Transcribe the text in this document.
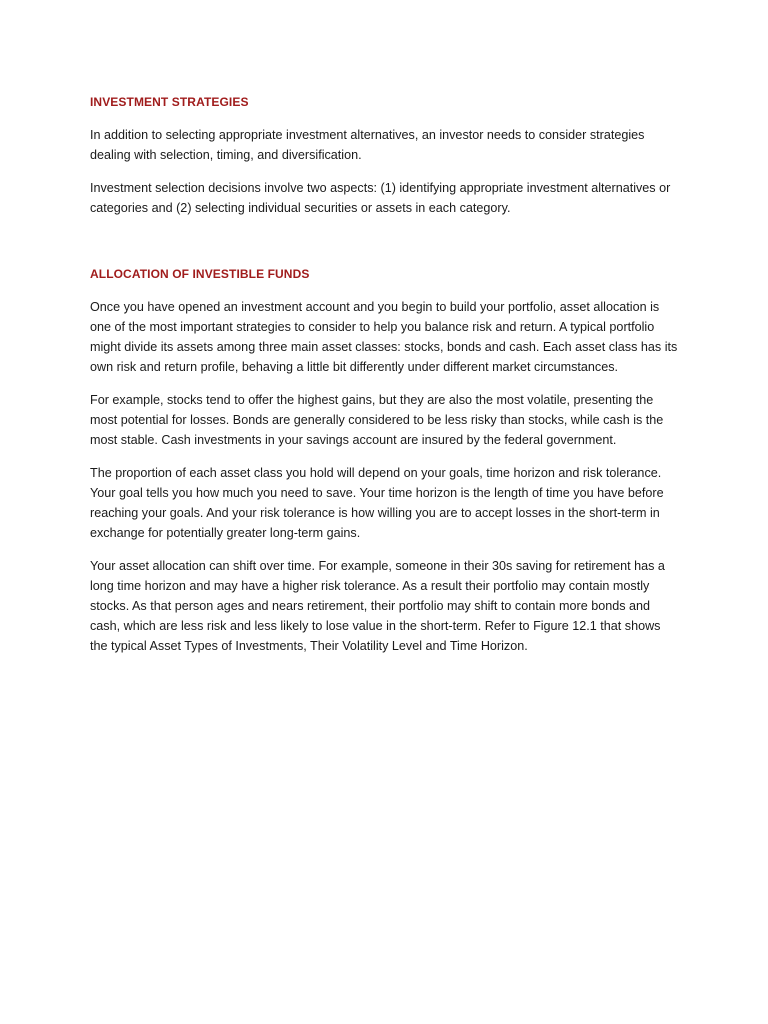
INVESTMENT STRATEGIES

In addition to selecting appropriate investment alternatives, an investor needs to consider strategies dealing with selection, timing, and diversification.

Investment selection decisions involve two aspects: (1) identifying appropriate investment alternatives or categories and (2) selecting individual securities or assets in each category.

ALLOCATION OF INVESTIBLE FUNDS

Once you have opened an investment account and you begin to build your portfolio, asset allocation is one of the most important strategies to consider to help you balance risk and return. A typical portfolio might divide its assets among three main asset classes: stocks, bonds and cash. Each asset class has its own risk and return profile, behaving a little bit differently under different market circumstances.

For example, stocks tend to offer the highest gains, but they are also the most volatile, presenting the most potential for losses. Bonds are generally considered to be less risky than stocks, while cash is the most stable. Cash investments in your savings account are insured by the federal government.

The proportion of each asset class you hold will depend on your goals, time horizon and risk tolerance. Your goal tells you how much you need to save. Your time horizon is the length of time you have before reaching your goals. And your risk tolerance is how willing you are to accept losses in the short-term in exchange for potentially greater long-term gains.

Your asset allocation can shift over time. For example, someone in their 30s saving for retirement has a long time horizon and may have a higher risk tolerance. As a result their portfolio may contain mostly stocks. As that person ages and nears retirement, their portfolio may shift to contain more bonds and cash, which are less risk and less likely to lose value in the short-term. Refer to Figure 12.1 that shows the typical Asset Types of Investments, Their Volatility Level and Time Horizon.
